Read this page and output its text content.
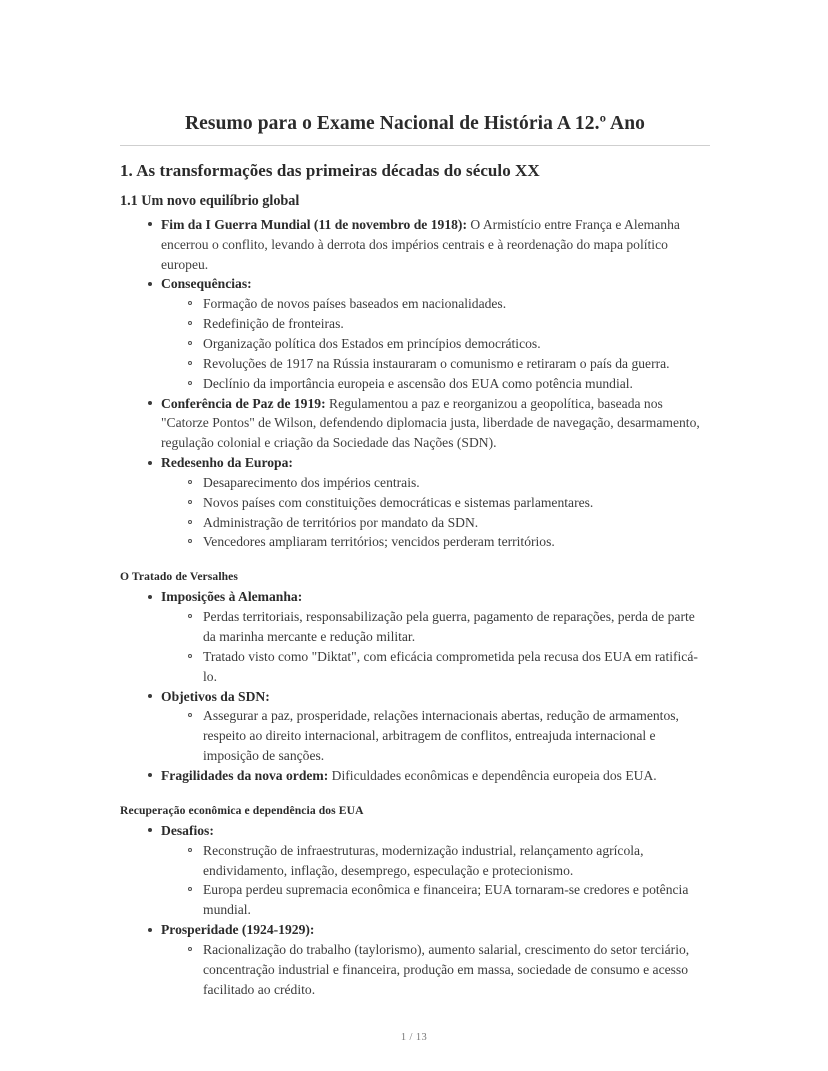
Resumo para o Exame Nacional de História A 12.º Ano
1. As transformações das primeiras décadas do século XX
1.1 Um novo equilíbrio global
Fim da I Guerra Mundial (11 de novembro de 1918): O Armistício entre França e Alemanha encerrou o conflito, levando à derrota dos impérios centrais e à reordenação do mapa político europeu.
Consequências:
Formação de novos países baseados em nacionalidades.
Redefinição de fronteiras.
Organização política dos Estados em princípios democráticos.
Revoluções de 1917 na Rússia instauraram o comunismo e retiraram o país da guerra.
Declínio da importância europeia e ascensão dos EUA como potência mundial.
Conferência de Paz de 1919: Regulamentou a paz e reorganizou a geopolítica, baseada nos "Catorze Pontos" de Wilson, defendendo diplomacia justa, liberdade de navegação, desarmamento, regulação colonial e criação da Sociedade das Nações (SDN).
Redesenho da Europa:
Desaparecimento dos impérios centrais.
Novos países com constituições democráticas e sistemas parlamentares.
Administração de territórios por mandato da SDN.
Vencedores ampliaram territórios; vencidos perderam territórios.
O Tratado de Versalhes
Imposições à Alemanha:
Perdas territoriais, responsabilização pela guerra, pagamento de reparações, perda de parte da marinha mercante e redução militar.
Tratado visto como "Diktat", com eficácia comprometida pela recusa dos EUA em ratificá-lo.
Objetivos da SDN:
Assegurar a paz, prosperidade, relações internacionais abertas, redução de armamentos, respeito ao direito internacional, arbitragem de conflitos, entreajuda internacional e imposição de sanções.
Fragilidades da nova ordem: Dificuldades econômicas e dependência europeia dos EUA.
Recuperação econômica e dependência dos EUA
Desafios:
Reconstrução de infraestruturas, modernização industrial, relançamento agrícola, endividamento, inflação, desemprego, especulação e protecionismo.
Europa perdeu supremacia econômica e financeira; EUA tornaram-se credores e potência mundial.
Prosperidade (1924-1929):
Racionalização do trabalho (taylorismo), aumento salarial, crescimento do setor terciário, concentração industrial e financeira, produção em massa, sociedade de consumo e acesso facilitado ao crédito.
1 / 13
